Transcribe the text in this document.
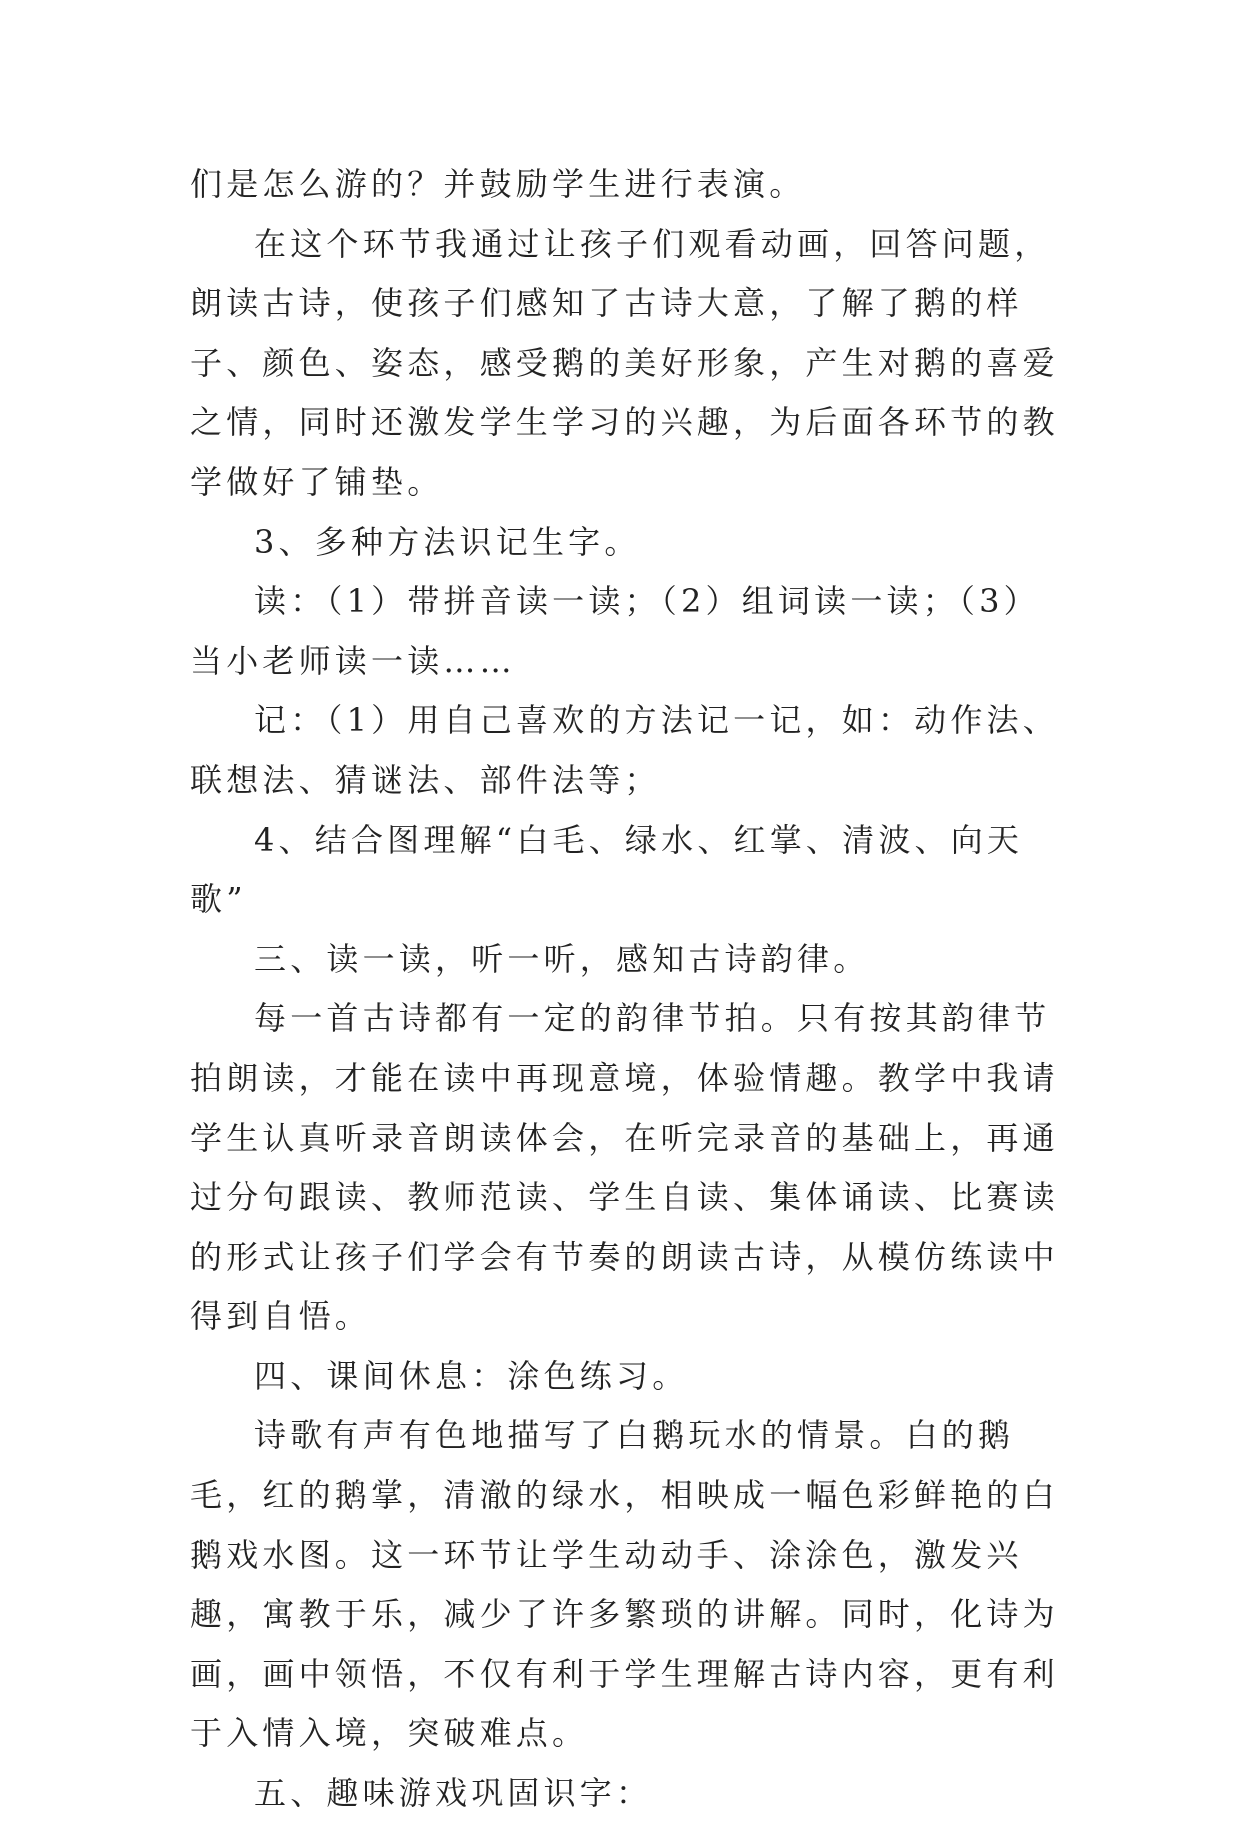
们是怎么游的？并鼓励学生进行表演。

在这个环节我通过让孩子们观看动画，回答问题，朗读古诗，使孩子们感知了古诗大意，了解了鹅的样子、颜色、姿态，感受鹅的美好形象，产生对鹅的喜爱之情，同时还激发学生学习的兴趣，为后面各环节的教学做好了铺垫。

3、多种方法识记生字。

读：（1）带拼音读一读；（2）组词读一读；（3）当小老师读一读……

记：（1）用自己喜欢的方法记一记，如：动作法、联想法、猜谜法、部件法等；

4、结合图理解“白毛、绿水、红掌、清波、向天歌”

三、读一读，听一听，感知古诗韵律。

每一首古诗都有一定的韵律节拍。只有按其韵律节拍朗读，才能在读中再现意境，体验情趣。教学中我请学生认真听录音朗读体会，在听完录音的基础上，再通过分句跟读、教师范读、学生自读、集体诵读、比赛读的形式让孩子们学会有节奏的朗读古诗，从模仿练读中得到自悟。

四、课间休息：涂色练习。

诗歌有声有色地描写了白鹅玩水的情景。白的鹅毛，红的鹅掌，清澈的绿水，相映成一幅色彩鲜艳的白鹅戏水图。这一环节让学生动动手、涂涂色，激发兴趣，寓教于乐，减少了许多繁琐的讲解。同时，化诗为画，画中领悟，不仅有利于学生理解古诗内容，更有利于入情入境，突破难点。

五、趣味游戏巩固识字：
